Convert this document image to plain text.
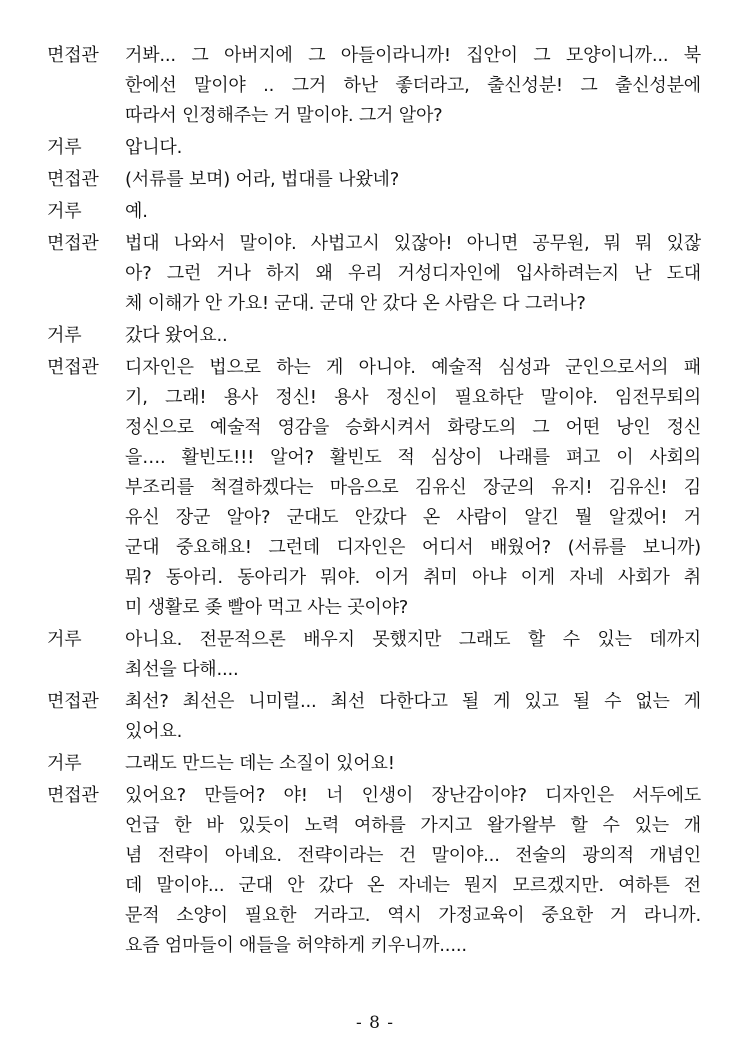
면접관	거봐... 그 아버지에 그 아들이라니까! 집안이 그 모양이니까... 북
한에선 말이야 .. 그거 하난 좋더라고, 출신성분! 그 출신성분에
따라서 인정해주는 거 말이야. 그거 알아?
거루	압니다.
면접관	(서류를 보며) 어라, 법대를 나왔네?
거루	예.
면접관	법대 나와서 말이야. 사법고시 있잖아! 아니면 공무원, 뭐 뭐 있잖
아? 그런 거나 하지 왜 우리 거성디자인에 입사하려는지 난 도대
체 이해가 안 가요! 군대. 군대 안 갔다 온 사람은 다 그러나?
거루	갔다 왔어요..
면접관	디자인은 법으로 하는 게 아니야. 예술적 심성과 군인으로서의 패
기, 그래! 용사 정신! 용사 정신이 필요하단 말이야. 임전무퇴의
정신으로 예술적 영감을 승화시켜서 화랑도의 그 어떤 낭인 정신
을…. 활빈도!!! 알어? 활빈도 적 심상이 나래를 펴고 이 사회의
부조리를 척결하겠다는 마음으로 김유신 장군의 유지! 김유신! 김
유신 장군 알아? 군대도 안갔다 온 사람이 알긴 뭘 알겠어! 거
군대 중요해요! 그런데 디자인은 어디서 배웠어? (서류를 보니까)
뭐? 동아리. 동아리가 뭐야. 이거 취미 아냐 이게 자네 사회가 취
미 생활로 좆 빨아 먹고 사는 곳이야?
거루	아니요. 전문적으론 배우지 못했지만 그래도 할 수 있는 데까지
최선을 다해....
면접관	최선? 최선은 니미럴... 최선 다한다고 될 게 있고 될 수 없는 게
있어요.
거루	그래도 만드는 데는 소질이 있어요!
면접관	있어요? 만들어? 야! 너 인생이 장난감이야? 디자인은 서두에도
언급 한 바 있듯이 노력 여하를 가지고 왈가왈부 할 수 있는 개
념 전략이 아녜요. 전략이라는 건 말이야... 전술의 광의적 개념인
데 말이야... 군대 안 갔다 온 자네는 뭔지 모르겠지만. 여하튼 전
문적 소양이 필요한 거라고. 역시 가정교육이 중요한 거 라니까.
요즘 엄마들이 애들을 허약하게 키우니까.....
- 8 -
